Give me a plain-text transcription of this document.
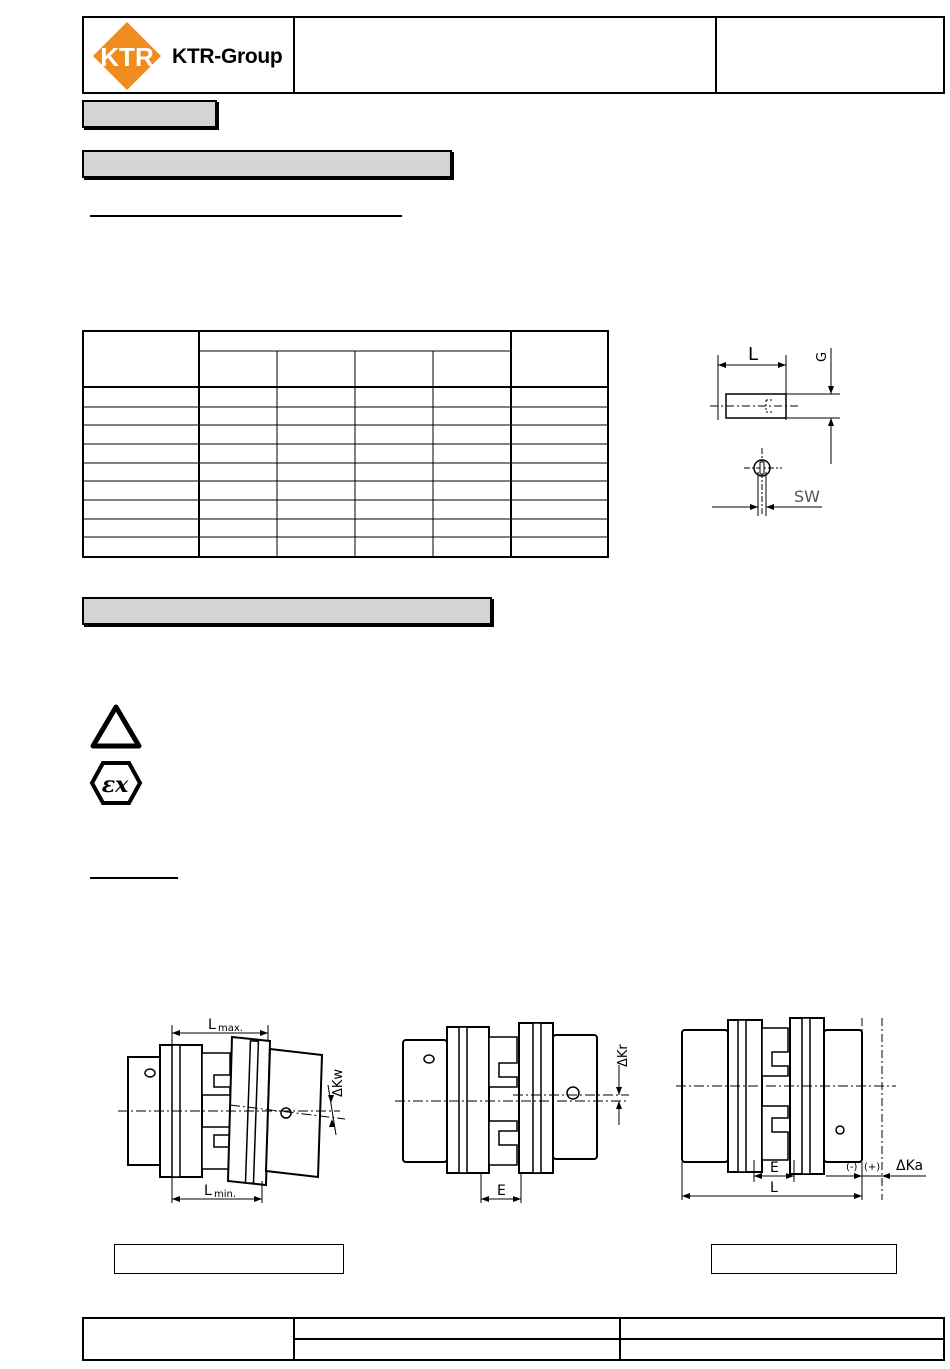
KTR KTR-Group
L	G
SW
εx
L max.
L min.
ΔKw
ΔKr
E
E
L
(-) (+) ΔKa
